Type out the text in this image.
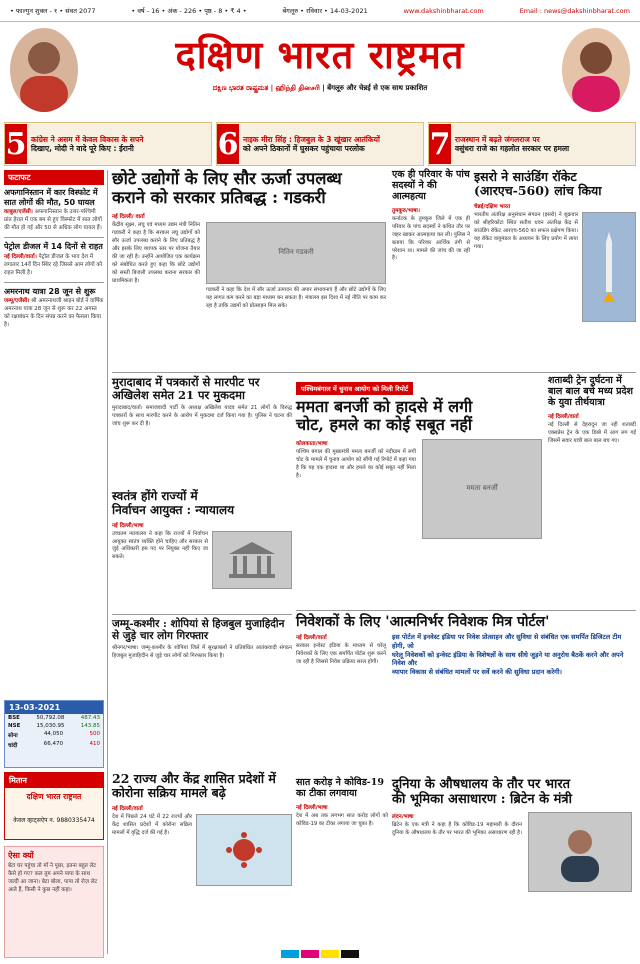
• फाल्गुन शुक्ल - १ • संवत 2077	• वर्ष - 16 • अंक - 226 • पृष्ठ - 8 • ₹ 4 •	बेंगलूरु • रविवार • 14-03-2021	www.dakshinbharat.com	Email : news@dakshinbharat.com
दक्षिण भारत राष्ट्रमत
ದಕ್ಷಿಣ ಭಾರತ ರಾಷ್ಟ್ರಮತ | ஹிந்தி தினசரி | बेंगलूरु और चेन्नई से एक साथ प्रकाशित
5 कांग्रेस ने असम में केवल विकास के सपने
दिखाए, मोदी ने वादे पूरे किए : ईरानी	6 नाइक मीरा सिंह : हिजबुल के 3 खूंखार आतंकियों
को अपने ठिकानों में घुसकर पहुंचाया परलोक	7 राजस्थान में बढ़ते जंगलराज पर
वसुंधरा राजे का गहलोत सरकार पर हमला
फटाफट
अफगानिस्तान में कार विस्फोट में सात लोगों की मौत, 50 घायल
काबुल/एजेंसी। अफगानिस्तान के उत्तर-पश्चिमी प्रांत हेरात में एक बम से हुए विस्फोट में सात लोगों की मौत हो गई और 50 से अधिक लोग घायल हैं।
पेट्रोल डीजल में 14 दिनों से राहत
नई दिल्ली/वार्ता। पेट्रोल डीजल के भाव देश में लगातार 14वें दिन स्थिर रहे जिससे आम लोगों को राहत मिली है।
अमरनाथ यात्रा 28 जून से शुरू
जम्मू/एजेंसी। श्री अमरनाथजी श्राइन बोर्ड ने वार्षिक अमरनाथ यात्रा 28 जून से शुरू कर 22 अगस्त को रक्षाबंधन के दिन संपन्न करने का फैसला किया है।
13-03-2021
BSE	50,792.08	487.43
NSE	15,030.95	143.85
सोना	44,050	500
चांदी	66,470	410
मितान
दक्षिण भारत राष्ट्रमत
केवल व्हाट्सऐप न. 9880335474
ऐसा क्यों
बेटा घर पहुंचा तो माँ ने पूछा, इतना बहुत लेट कैसे हो गए? कल तुम अपने पापा के साथ जल्दी आ जाना। बेटा बोला, पापा तो रोज़ लेट आते हैं, किसी ने कुछ नहीं कहा।
छोटे उद्योगों के लिए सौर ऊर्जा उपलब्ध
कराने को सरकार प्रतिबद्ध : गडकरी
नई दिल्ली/ वार्ता
केंद्रीय सूक्ष्म, लघु एवं मध्यम उद्यम मंत्री नितिन गडकरी ने कहा है कि सरकार लघु उद्योगों को सौर ऊर्जा उपलब्ध कराने के लिए प्रतिबद्ध है और इसके लिए व्यापक स्तर पर योजना तैयार की जा रही है। उन्होंने आयोजित एक कार्यक्रम को संबोधित करते हुए कहा कि छोटे उद्योगों को सस्ती बिजली उपलब्ध कराना सरकार की प्राथमिकता है।
नितिन गडकरी
गडकरी ने कहा कि देश में सौर ऊर्जा उत्पादन की अपार संभावनाएं हैं और छोटे उद्योगों के लिए यह लागत कम करने का बड़ा माध्यम बन सकता है। मंत्रालय इस दिशा में नई नीति पर काम कर रहा है ताकि उद्यमों को प्रोत्साहन मिल सके।
एक ही परिवार के पांच सदस्यों ने की आत्महत्या
तुमकूरु/भाषा।
कर्नाटक के तुमकूरु जिले में एक ही परिवार के पांच सदस्यों ने कथित तौर पर जहर खाकर आत्महत्या कर ली। पुलिस ने बताया कि परिवार आर्थिक तंगी से परेशान था। मामले की जांच की जा रही है।
इसरो ने साउंडिंग रॉकेट (आरएच-560) लांच किया
चेन्नई/दक्षिण भारत
भारतीय अंतरिक्ष अनुसंधान संगठन (इसरो) ने शुक्रवार को श्रीहरिकोटा स्थित सतीश धवन अंतरिक्ष केंद्र से साउंडिंग रॉकेट आरएच-560 का सफल प्रक्षेपण किया। यह रॉकेट वायुमंडल के अध्ययन के लिए प्रयोग में लाया गया।
मुरादाबाद में पत्रकारों से मारपीट पर
अखिलेश समेत 21 पर मुकदमा
मुरादाबाद/वार्ता। समाजवादी पार्टी के अध्यक्ष अखिलेश यादव समेत 21 लोगों के विरुद्ध पत्रकारों के साथ मारपीट करने के आरोप में मुकदमा दर्ज किया गया है। पुलिस ने घटना की जांच शुरू कर दी है।
पश्चिमबंगाल में चुनाव आयोग को मिली रिपोर्ट
ममता बनर्जी को हादसे में लगी
चोट, हमले का कोई सबूत नहीं
कोलकाता/भाषा
पश्चिम बंगाल की मुख्यमंत्री ममता बनर्जी को नंदीग्राम में लगी चोट के मामले में चुनाव आयोग को सौंपी गई रिपोर्ट में कहा गया है कि यह एक हादसा था और हमले का कोई सबूत नहीं मिला है।
ममता बनर्जी
शताब्दी ट्रेन दुर्घटना में बाल बाल बचे मध्य प्रदेश के युवा तीर्थयात्रा
नई दिल्ली/वार्ता
नई दिल्ली से देहरादून जा रही शताब्दी एक्सप्रेस ट्रेन के एक डिब्बे में आग लग गई जिसमें सवार यात्री बाल बाल बच गए।
स्वतंत्र होंगे राज्यों में
निर्वाचन आयुक्त : न्यायालय
नई दिल्ली/भाषा
उच्चतम न्यायालय ने कहा कि राज्यों में निर्वाचन आयुक्त स्वतंत्र व्यक्ति होने चाहिए और सरकार से जुड़े अधिकारी इस पद पर नियुक्त नहीं किए जा सकते।
निवेशकों के लिए 'आत्मनिर्भर निवेशक मित्र पोर्टल'
नई दिल्ली/वार्ता
सरकार इन्वेस्ट इंडिया के माध्यम से घरेलू निवेशकों के लिए एक समर्पित पोर्टल शुरू करने जा रही है जिससे निवेश प्रक्रिया सरल होगी।
इस पोर्टल में इनवेस्ट इंडिया पर निवेश प्रोत्साहन और सुविधा से संबंधित एक समर्पित डिजिटल टीम होगी, जो
घरेलू निवेशकों को इन्वेस्ट इंडिया के विशेषज्ञों के साथ सीधे जुड़ने या अनुरोध बैठकें करने और अपने निवेश और
व्यापार विकास से संबंधित मामलों पर सर्वे करने की सुविधा प्रदान करेगी।
जम्मू-कश्मीर : शोपियां से हिजबुल मुजाहिदीन से जुड़े चार लोग गिरफ्तार
श्रीनगर/भाषा। जम्मू-कश्मीर के शोपियां जिले में सुरक्षाबलों ने प्रतिबंधित आतंकवादी संगठन हिजबुल मुजाहिदीन से जुड़े चार लोगों को गिरफ्तार किया है।
22 राज्य और केंद्र शासित प्रदेशों में कोरोना सक्रिय मामले बढ़े
नई दिल्ली/वार्ता
देश में पिछले 24 घंटे में 22 राज्यों और केंद्र शासित प्रदेशों में कोरोना सक्रिय मामलों में वृद्धि दर्ज की गई है।
सात करोड़ ने कोविड-19 का टीका लगवाया
नई दिल्ली/भाषा
देश में अब तक लगभग सात करोड़ लोगों को कोविड-19 का टीका लगाया जा चुका है।
दुनिया के औषधालय के तौर पर भारत
की भूमिका असाधारण : ब्रिटेन के मंत्री
लंदन/भाषा
ब्रिटेन के एक मंत्री ने कहा है कि कोविड-19 महामारी के दौरान दुनिया के औषधालय के तौर पर भारत की भूमिका असाधारण रही है।
